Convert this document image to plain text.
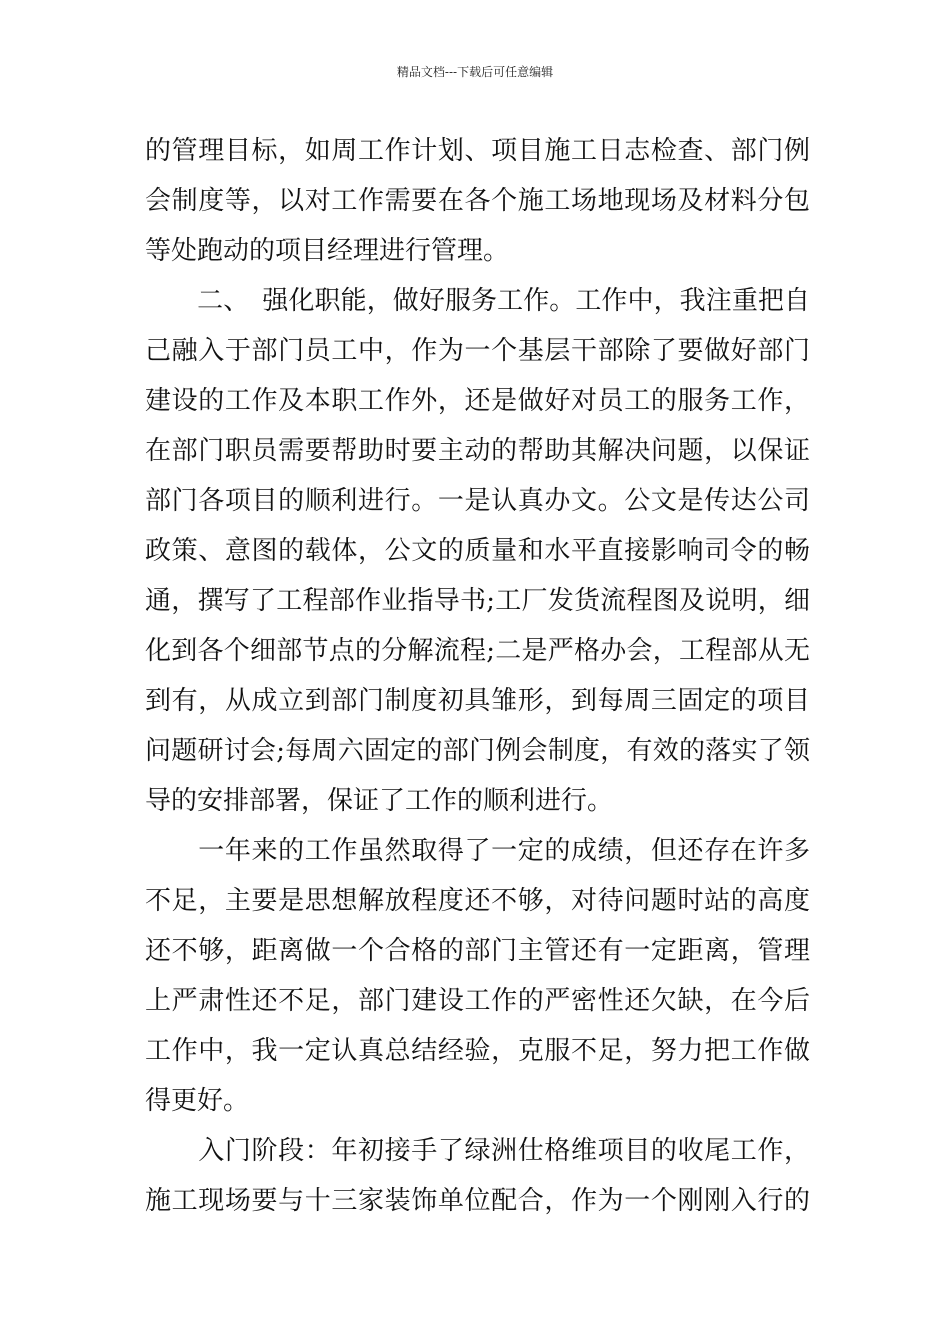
精品文档---下载后可任意编辑
的管理目标，如周工作计划、项目施工日志检查、部门例
会制度等，以对工作需要在各个施工场地现场及材料分包
等处跑动的项目经理进行管理。
　　二、　强化职能，做好服务工作。工作中，我注重把自
己融入于部门员工中，作为一个基层干部除了要做好部门
建设的工作及本职工作外，还是做好对员工的服务工作，
在部门职员需要帮助时要主动的帮助其解决问题，以保证
部门各项目的顺利进行。一是认真办文。公文是传达公司
政策、意图的载体，公文的质量和水平直接影响司令的畅
通，撰写了工程部作业指导书;工厂发货流程图及说明，细
化到各个细部节点的分解流程;二是严格办会，工程部从无
到有，从成立到部门制度初具雏形，到每周三固定的项目
问题研讨会;每周六固定的部门例会制度，有效的落实了领
导的安排部署，保证了工作的顺利进行。
　　一年来的工作虽然取得了一定的成绩，但还存在许多
不足，主要是思想解放程度还不够，对待问题时站的高度
还不够，距离做一个合格的部门主管还有一定距离，管理
上严肃性还不足，部门建设工作的严密性还欠缺，在今后
工作中，我一定认真总结经验，克服不足，努力把工作做
得更好。
　　入门阶段：年初接手了绿洲仕格维项目的收尾工作，
施工现场要与十三家装饰单位配合，作为一个刚刚入行的
